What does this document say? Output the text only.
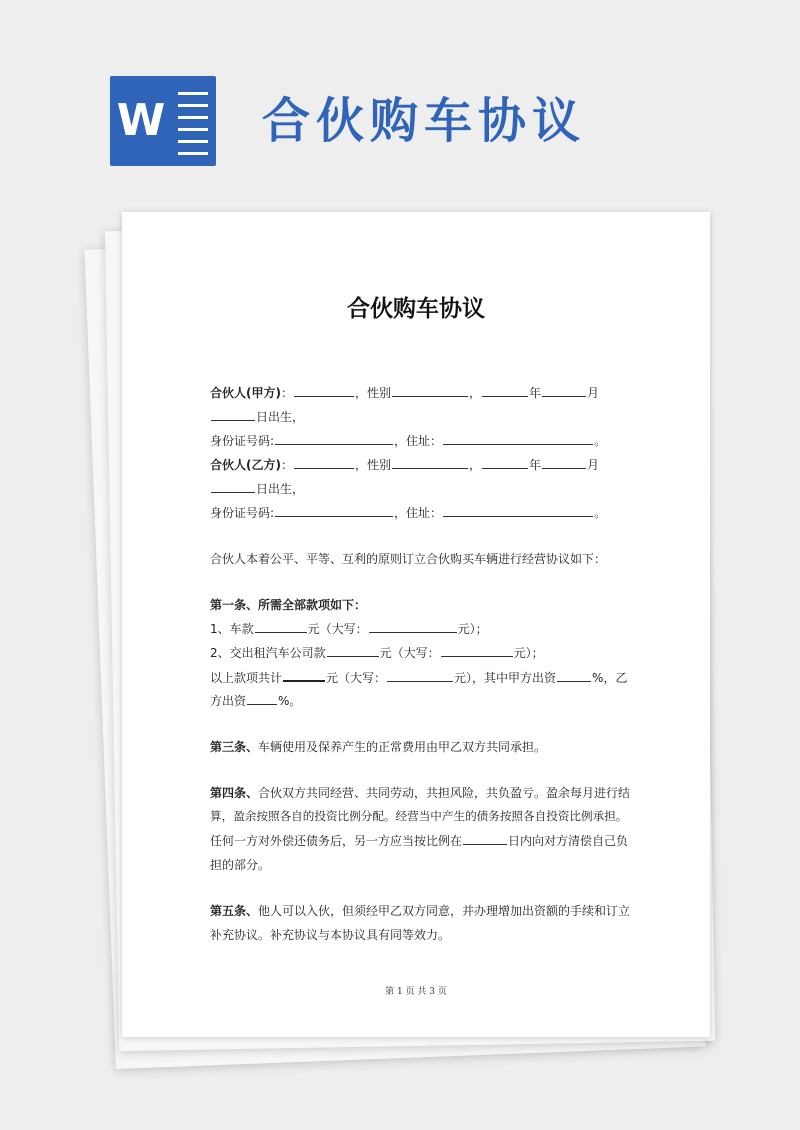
W 合伙购车协议
合伙购车协议
合伙人(甲方)：	，性别	，	年	月
日出生，
身份证号码:	，住址：	。
合伙人(乙方)：	，性别	，	年	月
日出生，
身份证号码:	，住址：	。
合伙人本着公平、平等、互利的原则订立合伙购买车辆进行经营协议如下：
第一条、所需全部款项如下：
1、车款	元（大写：	元）；
2、交出租汽车公司款	元（大写：	元）；
以上款项共计	元（大写：	元），其中甲方出资	%，乙
方出资	%。
第三条、车辆使用及保养产生的正常费用由甲乙双方共同承担。
第四条、合伙双方共同经营、共同劳动，共担风险，共负盈亏。盈余每月进行结
算，盈余按照各自的投资比例分配。经营当中产生的债务按照各自投资比例承担。
任何一方对外偿还债务后，另一方应当按比例在	日内向对方清偿自己负
担的部分。
第五条、他人可以入伙，但须经甲乙双方同意，并办理增加出资额的手续和订立
补充协议。补充协议与本协议具有同等效力。
第 1 页 共 3 页
